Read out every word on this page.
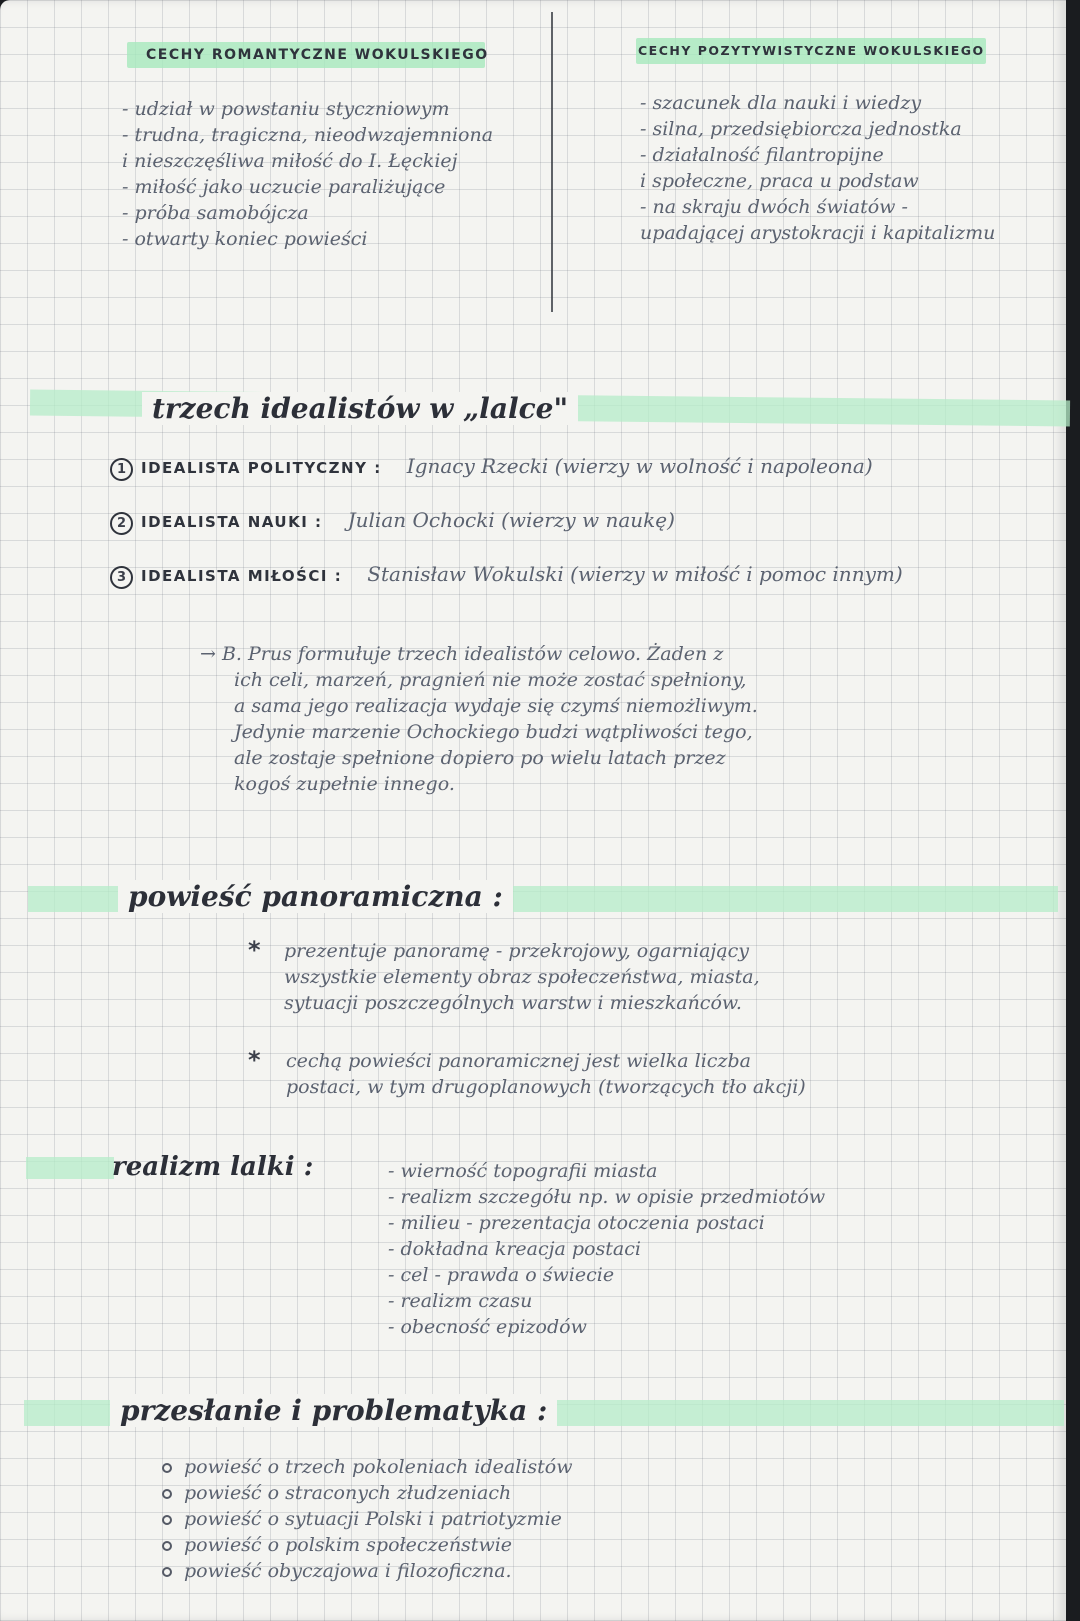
CECHY ROMANTYCZNE WOKULSKIEGO
- udział w powstaniu styczniowym
- trudna, tragiczna, nieodwzajemniona
i nieszczęśliwa miłość do I. Łęckiej
- miłość jako uczucie paraliżujące
- próba samobójcza
- otwarty koniec powieści
CECHY POZYTYWISTYCZNE WOKULSKIEGO
- szacunek dla nauki i wiedzy
- silna, przedsiębiorcza jednostka
- działalność filantropijne
i społeczne, praca u podstaw
- na skraju dwóch światów -
upadającej arystokracji i kapitalizmu
trzech idealistów w „lalce"
1 IDEALISTA POLITYCZNY : Ignacy Rzecki (wierzy w wolność i napoleona)
2 IDEALISTA NAUKI : Julian Ochocki (wierzy w naukę)
3 IDEALISTA MIŁOŚCI : Stanisław Wokulski (wierzy w miłość i pomoc innym)
→ B. Prus formułuje trzech idealistów celowo. Żaden z
ich celi, marzeń, pragnień nie może zostać spełniony,
a sama jego realizacja wydaje się czymś niemożliwym.
Jedynie marzenie Ochockiego budzi wątpliwości tego,
ale zostaje spełnione dopiero po wielu latach przez
kogoś zupełnie innego.
powieść panoramiczna :
* prezentuje panoramę - przekrojowy, ogarniający
wszystkie elementy obraz społeczeństwa, miasta,
sytuacji poszczególnych warstw i mieszkańców.
* cechą powieści panoramicznej jest wielka liczba
postaci, w tym drugoplanowych (tworzących tło akcji)
realizm lalki :	- wierność topografii miasta
- realizm szczegółu np. w opisie przedmiotów
- milieu - prezentacja otoczenia postaci
- dokładna kreacja postaci
- cel - prawda o świecie
- realizm czasu
- obecność epizodów
przesłanie i problematyka :
powieść o trzech pokoleniach idealistów
powieść o straconych złudzeniach
powieść o sytuacji Polski i patriotyzmie
powieść o polskim społeczeństwie
powieść obyczajowa i filozoficzna.
